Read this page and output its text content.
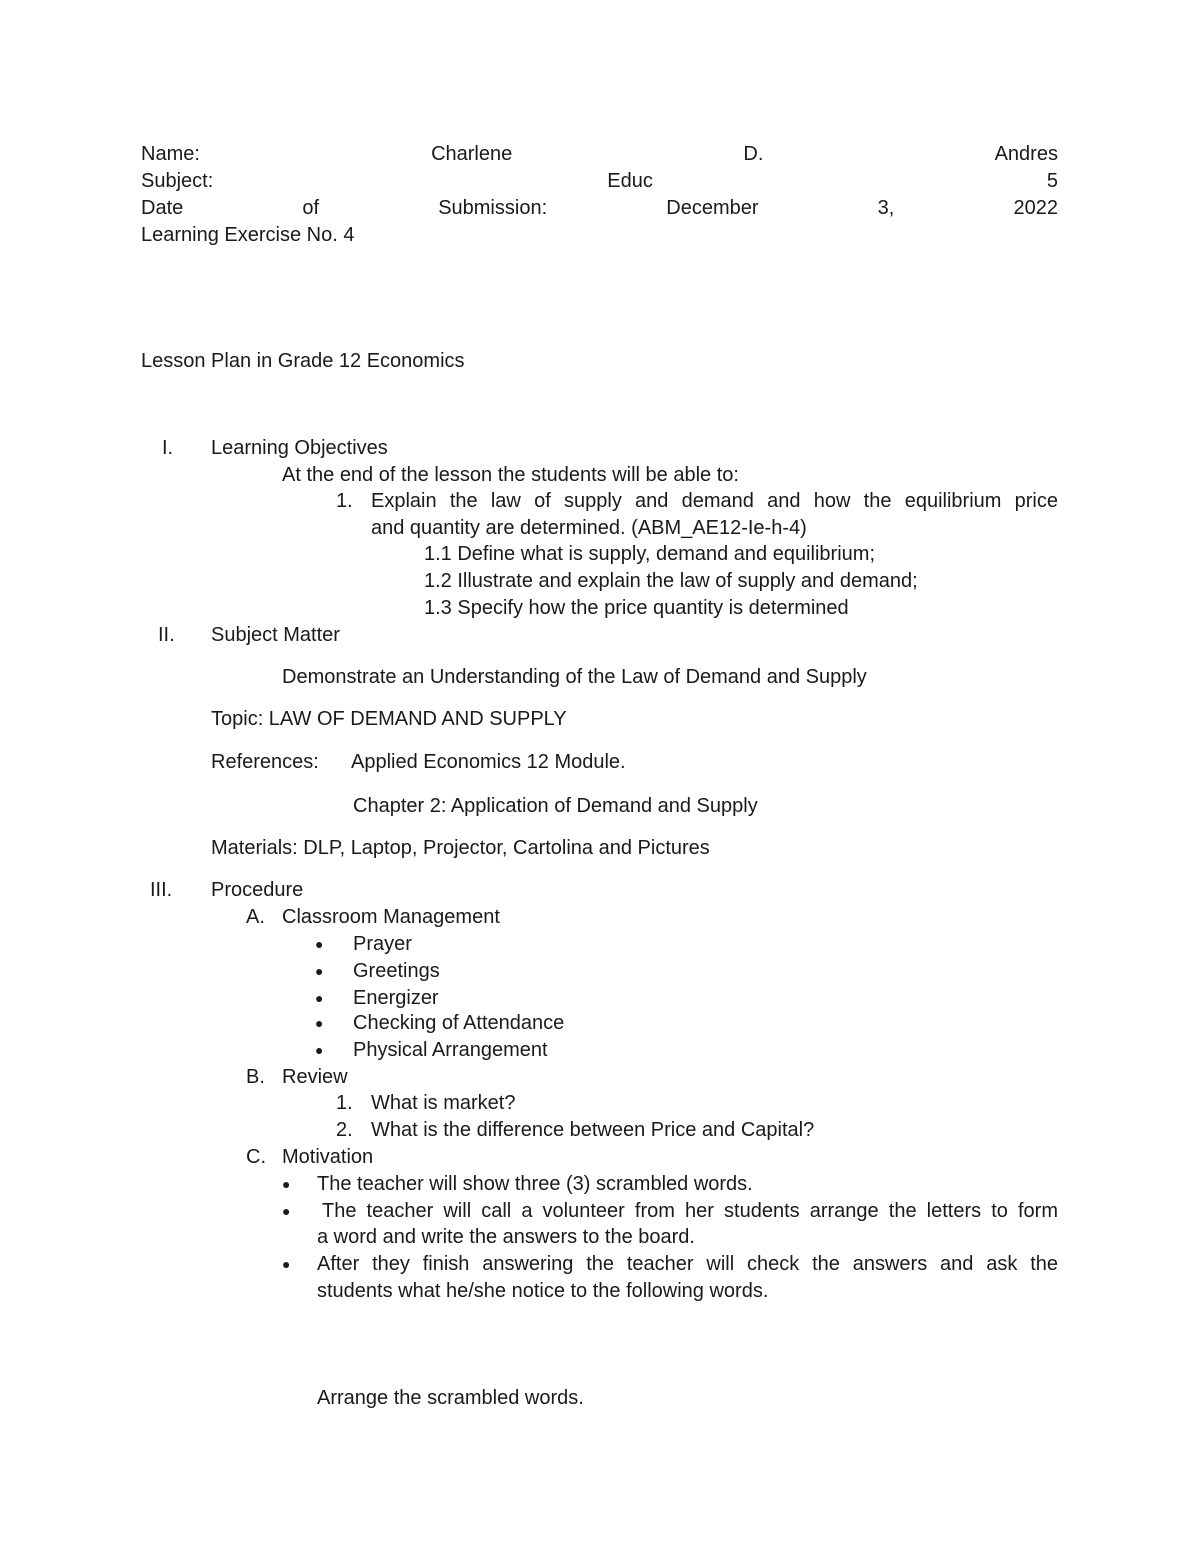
Name:	Charlene	D.	Andres
Subject:	Educ	5
Date	of	Submission:	December	3,	2022
Learning Exercise No. 4
Lesson Plan in Grade 12 Economics
I. Learning Objectives
At the end of the lesson the students will be able to:
1. Explain the law of supply and demand and how the equilibrium price
and quantity are determined. (ABM_AE12-Ie-h-4)
1.1 Define what is supply, demand and equilibrium;
1.2 Illustrate and explain the law of supply and demand;
1.3 Specify how the price quantity is determined
II. Subject Matter
Demonstrate an Understanding of the Law of Demand and Supply
Topic: LAW OF DEMAND AND SUPPLY
References: Applied Economics 12 Module.
Chapter 2: Application of Demand and Supply
Materials: DLP, Laptop, Projector, Cartolina and Pictures
III. Procedure
A. Classroom Management
● Prayer
● Greetings
● Energizer
● Checking of Attendance
● Physical Arrangement
B. Review
1. What is market?
2. What is the difference between Price and Capital?
C. Motivation
● The teacher will show three (3) scrambled words.
● The teacher will call a volunteer from her students arrange the letters to form
a word and write the answers to the board.
● After they finish answering the teacher will check the answers and ask the
students what he/she notice to the following words.
Arrange the scrambled words.
